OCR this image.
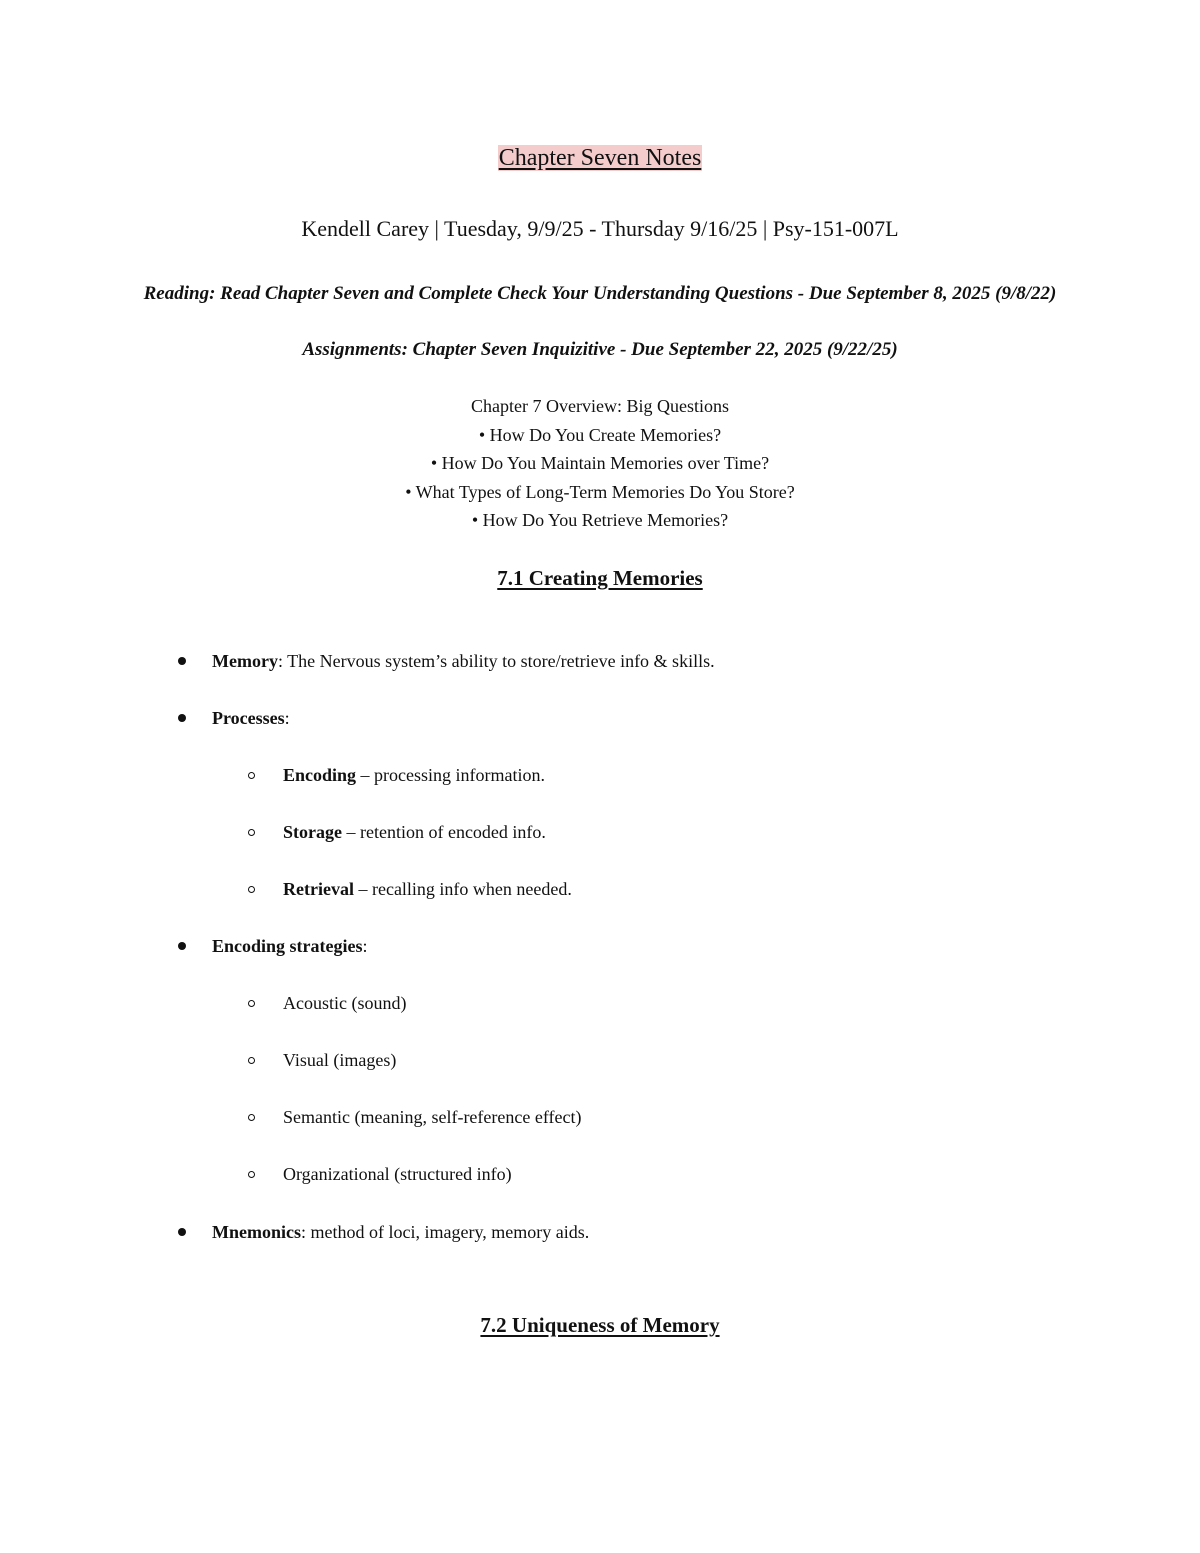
Chapter Seven Notes
Kendell Carey | Tuesday, 9/9/25 - Thursday 9/16/25 | Psy-151-007L
Reading: Read Chapter Seven and Complete Check Your Understanding Questions - Due September 8, 2025 (9/8/22)
Assignments: Chapter Seven Inquizitive - Due September 22, 2025 (9/22/25)
Chapter 7 Overview: Big Questions
• How Do You Create Memories?
• How Do You Maintain Memories over Time?
• What Types of Long-Term Memories Do You Store?
• How Do You Retrieve Memories?
7.1 Creating Memories
Memory: The Nervous system’s ability to store/retrieve info & skills.
Processes:
Encoding – processing information.
Storage – retention of encoded info.
Retrieval – recalling info when needed.
Encoding strategies:
Acoustic (sound)
Visual (images)
Semantic (meaning, self-reference effect)
Organizational (structured info)
Mnemonics: method of loci, imagery, memory aids.
7.2 Uniqueness of Memory
